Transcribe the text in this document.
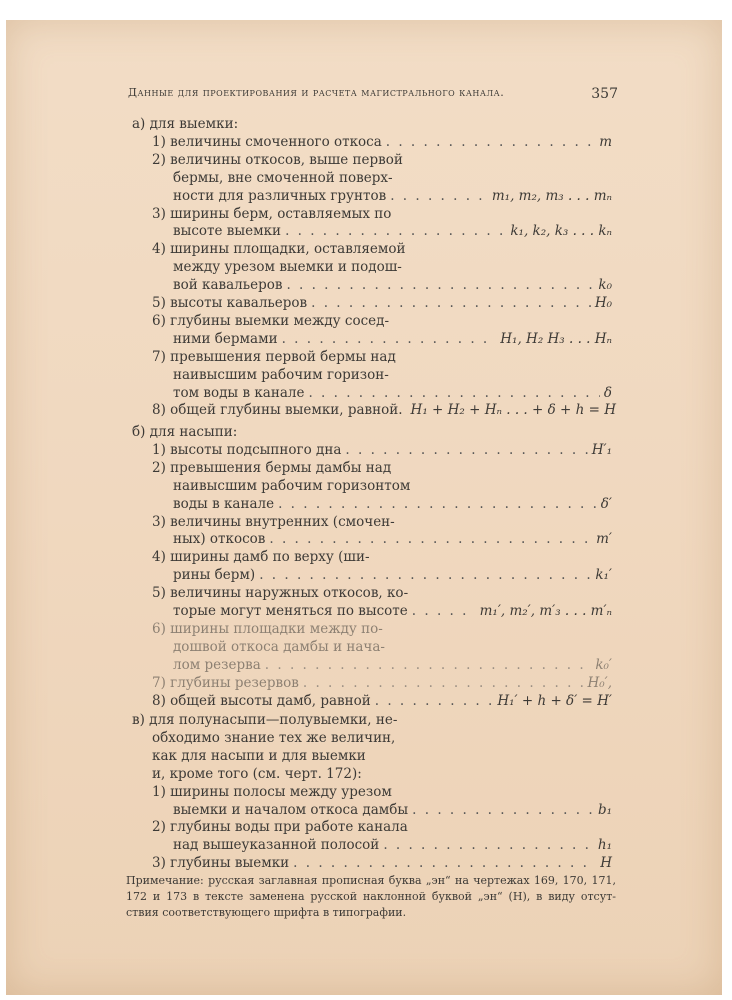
Данные для проектирования и расчета магистрального канала.	357
а) для выемки:
1) величины смоченного откоса . . .	m
2) величины откосов, выше первой
бермы, вне смоченной поверх-
ности для различных грунтов . . .	m₁, m₂, m₃ . . . mₙ
3) ширины берм, оставляемых по
высоте выемки . . .	k₁, k₂, k₃ . . . kₙ
4) ширины площадки, оставляемой
между урезом выемки и подош-
вой кавальеров . . .	k₀
5) высоты кавальеров . . .	H₀
6) глубины выемки между сосед-
ними бермами . . .	H₁, H₂ H₃ . . . Hₙ
7) превышения первой бермы над
наивысшим рабочим горизон-
том воды в канале . . .	δ
8) общей глубины выемки, равной. H₁ + H₂ + Hₙ . . . + δ + h = H
б) для насыпи:
1) высоты подсыпного дна . . .	H′₁
2) превышения бермы дамбы над
наивысшим рабочим горизонтом
воды в канале . . .	δ′
3) величины внутренних (смочен-
ных) откосов . . .	m′
4) ширины дамб по верху (ши-
рины берм) . . .	k₁′
5) величины наружных откосов, ко-
торые могут меняться по высоте . . .	m₁′, m₂′, m′₃ . . . m′ₙ
6) ширины площадки между по-
дошвой откоса дамбы и нача-
лом резерва . . .	k₀′
7) глубины резервов . . .	H₀′,
8) общей высоты дамб, равной . . .	H₁′ + h + δ′ = H′
в) для полунасыпи—полувыемки, не-
обходимо знание тех же величин,
как для насыпи и для выемки
и, кроме того (см. черт. 172):
1) ширины полосы между урезом
выемки и началом откоса дамбы . . .	b₁
2) глубины воды при работе канала
над вышеуказанной полосой . . .	h₁
3) глубины выемки . . .	H
Примечание: русская заглавная прописная буква „эн“ на чертежах 169, 170, 171, 172 и 173 в тексте заменена русской наклонной буквой „эн“ (H), в виду отсут-ствия соответствующего шрифта в типографии.
